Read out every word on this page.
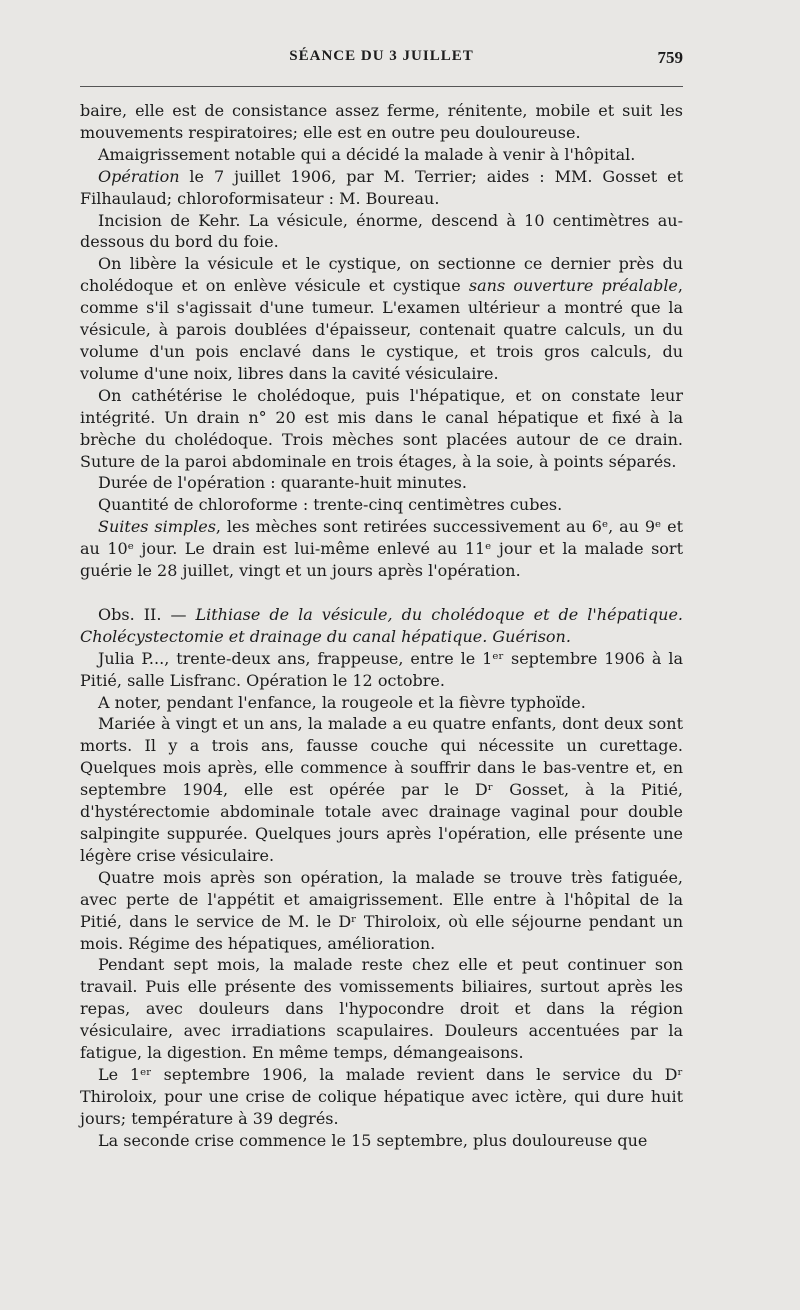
SÉANCE DU 3 JUILLET	759

baire, elle est de consistance assez ferme, rénitente, mobile et suit les mouvements respiratoires; elle est en outre peu douloureuse.

Amaigrissement notable qui a décidé la malade à venir à l'hôpital.

Opération le 7 juillet 1906, par M. Terrier; aides : MM. Gosset et Filhaulaud; chloroformisateur : M. Boureau.

Incision de Kehr. La vésicule, énorme, descend à 10 centimètres au-dessous du bord du foie.

On libère la vésicule et le cystique, on sectionne ce dernier près du cholédoque et on enlève vésicule et cystique sans ouverture préalable, comme s'il s'agissait d'une tumeur. L'examen ultérieur a montré que la vésicule, à parois doublées d'épaisseur, contenait quatre calculs, un du volume d'un pois enclavé dans le cystique, et trois gros calculs, du volume d'une noix, libres dans la cavité vésiculaire.

On cathétérise le cholédoque, puis l'hépatique, et on constate leur intégrité. Un drain n° 20 est mis dans le canal hépatique et fixé à la brèche du cholédoque. Trois mèches sont placées autour de ce drain. Suture de la paroi abdominale en trois étages, à la soie, à points séparés.

Durée de l'opération : quarante-huit minutes.

Quantité de chloroforme : trente-cinq centimètres cubes.

Suites simples, les mèches sont retirées successivement au 6ᵉ, au 9ᵉ et au 10ᵉ jour. Le drain est lui-même enlevé au 11ᵉ jour et la malade sort guérie le 28 juillet, vingt et un jours après l'opération.

Obs. II. — Lithiase de la vésicule, du cholédoque et de l'hépatique. Cholécystectomie et drainage du canal hépatique. Guérison.

Julia P..., trente-deux ans, frappeuse, entre le 1ᵉʳ septembre 1906 à la Pitié, salle Lisfranc. Opération le 12 octobre.

A noter, pendant l'enfance, la rougeole et la fièvre typhoïde.

Mariée à vingt et un ans, la malade a eu quatre enfants, dont deux sont morts. Il y a trois ans, fausse couche qui nécessite un curettage. Quelques mois après, elle commence à souffrir dans le bas-ventre et, en septembre 1904, elle est opérée par le Dʳ Gosset, à la Pitié, d'hystérectomie abdominale totale avec drainage vaginal pour double salpingite suppurée. Quelques jours après l'opération, elle présente une légère crise vésiculaire.

Quatre mois après son opération, la malade se trouve très fatiguée, avec perte de l'appétit et amaigrissement. Elle entre à l'hôpital de la Pitié, dans le service de M. le Dʳ Thiroloix, où elle séjourne pendant un mois. Régime des hépatiques, amélioration.

Pendant sept mois, la malade reste chez elle et peut continuer son travail. Puis elle présente des vomissements biliaires, surtout après les repas, avec douleurs dans l'hypocondre droit et dans la région vésiculaire, avec irradiations scapulaires. Douleurs accentuées par la fatigue, la digestion. En même temps, démangeaisons.

Le 1ᵉʳ septembre 1906, la malade revient dans le service du Dʳ Thiroloix, pour une crise de colique hépatique avec ictère, qui dure huit jours; température à 39 degrés.

La seconde crise commence le 15 septembre, plus douloureuse que
